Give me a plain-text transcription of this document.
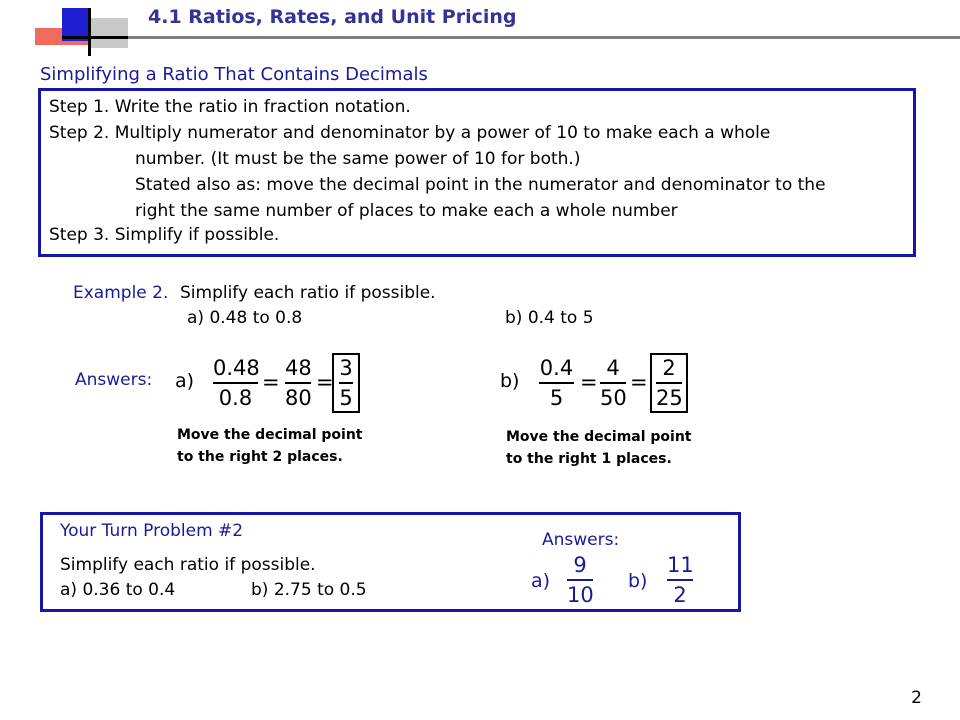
4.1 Ratios, Rates, and Unit Pricing
Simplifying a Ratio That Contains Decimals
Step 1. Write the ratio in fraction notation.
Step 2. Multiply numerator and denominator by a power of 10 to make each a whole
number. (It must be the same power of 10 for both.)
Stated also as: move the decimal point in the numerator and denominator to the
right the same number of places to make each a whole number
Step 3. Simplify if possible.
Example 2. Simplify each ratio if possible.
a) 0.48 to 0.8	b) 0.4 to 5
Answers: a)
0.48
0.8
=
48
80
=
3
5
b)
0.4
5
=
4
50
=
2
25
Move the decimal point
to the right 2 places.
Move the decimal point
to the right 1 places.
Your Turn Problem #2
Simplify each ratio if possible.
a) 0.36 to 0.4	b) 2.75 to 0.5
Answers:
a)
9
10
b)
11
2
2
